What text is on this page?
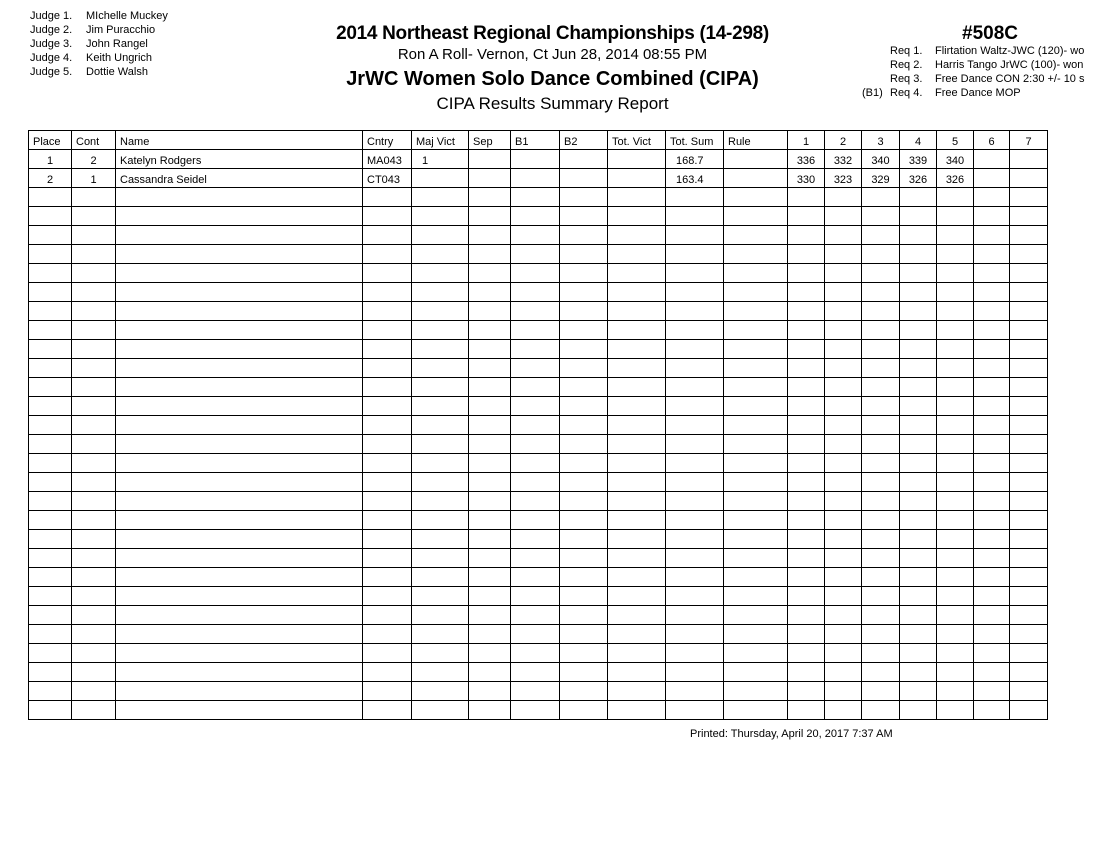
Judge 1. MIchelle Muckey
Judge 2. Jim Puracchio
Judge 3. John Rangel
Judge 4. Keith Ungrich
Judge 5. Dottie Walsh
2014 Northeast Regional Championships (14-298)
Ron A Roll- Vernon, Ct Jun 28, 2014 08:55 PM
JrWC Women Solo Dance Combined (CIPA)
CIPA Results Summary Report
#508C
Req 1. Flirtation Waltz-JWC (120)- wo
Req 2. Harris Tango JrWC (100)- won
Req 3. Free Dance CON 2:30 +/- 10 s
(B1) Req 4. Free Dance MOP
Place	Cont	Name	Cntry	Maj Vict	Sep	B1	B2	Tot. Vict	Tot. Sum	Rule	1	2	3	4	5	6	7
1	2	Katelyn Rodgers	MA043	1					168.7		336	332	340	339	340		
2	1	Cassandra Seidel	CT043						163.4		330	323	329	326	326		

Printed: Thursday, April 20, 2017 7:37 AM
